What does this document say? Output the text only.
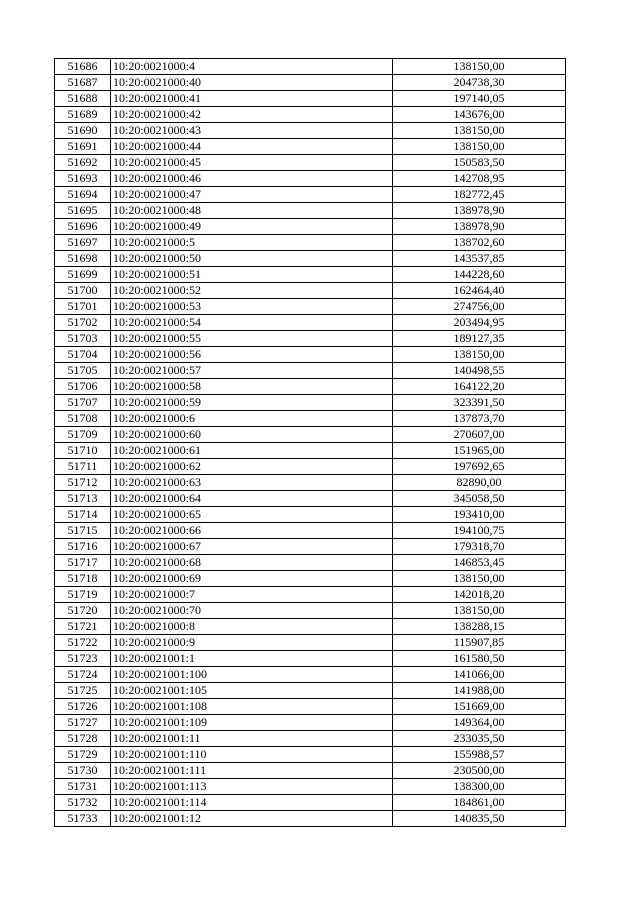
51686	10:20:0021000:4	138150,00
51687	10:20:0021000:40	204738,30
51688	10:20:0021000:41	197140,05
51689	10:20:0021000:42	143676,00
51690	10:20:0021000:43	138150,00
51691	10:20:0021000:44	138150,00
51692	10:20:0021000:45	150583,50
51693	10:20:0021000:46	142708,95
51694	10:20:0021000:47	182772,45
51695	10:20:0021000:48	138978,90
51696	10:20:0021000:49	138978,90
51697	10:20:0021000:5	138702,60
51698	10:20:0021000:50	143537,85
51699	10:20:0021000:51	144228,60
51700	10:20:0021000:52	162464,40
51701	10:20:0021000:53	274756,00
51702	10:20:0021000:54	203494,95
51703	10:20:0021000:55	189127,35
51704	10:20:0021000:56	138150,00
51705	10:20:0021000:57	140498,55
51706	10:20:0021000:58	164122,20
51707	10:20:0021000:59	323391,50
51708	10:20:0021000:6	137873,70
51709	10:20:0021000:60	270607,00
51710	10:20:0021000:61	151965,00
51711	10:20:0021000:62	197692,65
51712	10:20:0021000:63	82890,00
51713	10:20:0021000:64	345058,50
51714	10:20:0021000:65	193410,00
51715	10:20:0021000:66	194100,75
51716	10:20:0021000:67	179318,70
51717	10:20:0021000:68	146853,45
51718	10:20:0021000:69	138150,00
51719	10:20:0021000:7	142018,20
51720	10:20:0021000:70	138150,00
51721	10:20:0021000:8	138288,15
51722	10:20:0021000:9	115907,85
51723	10:20:0021001:1	161580,50
51724	10:20:0021001:100	141066,00
51725	10:20:0021001:105	141988,00
51726	10:20:0021001:108	151669,00
51727	10:20:0021001:109	149364,00
51728	10:20:0021001:11	233035,50
51729	10:20:0021001:110	155988,57
51730	10:20:0021001:111	230500,00
51731	10:20:0021001:113	138300,00
51732	10:20:0021001:114	184861,00
51733	10:20:0021001:12	140835,50
